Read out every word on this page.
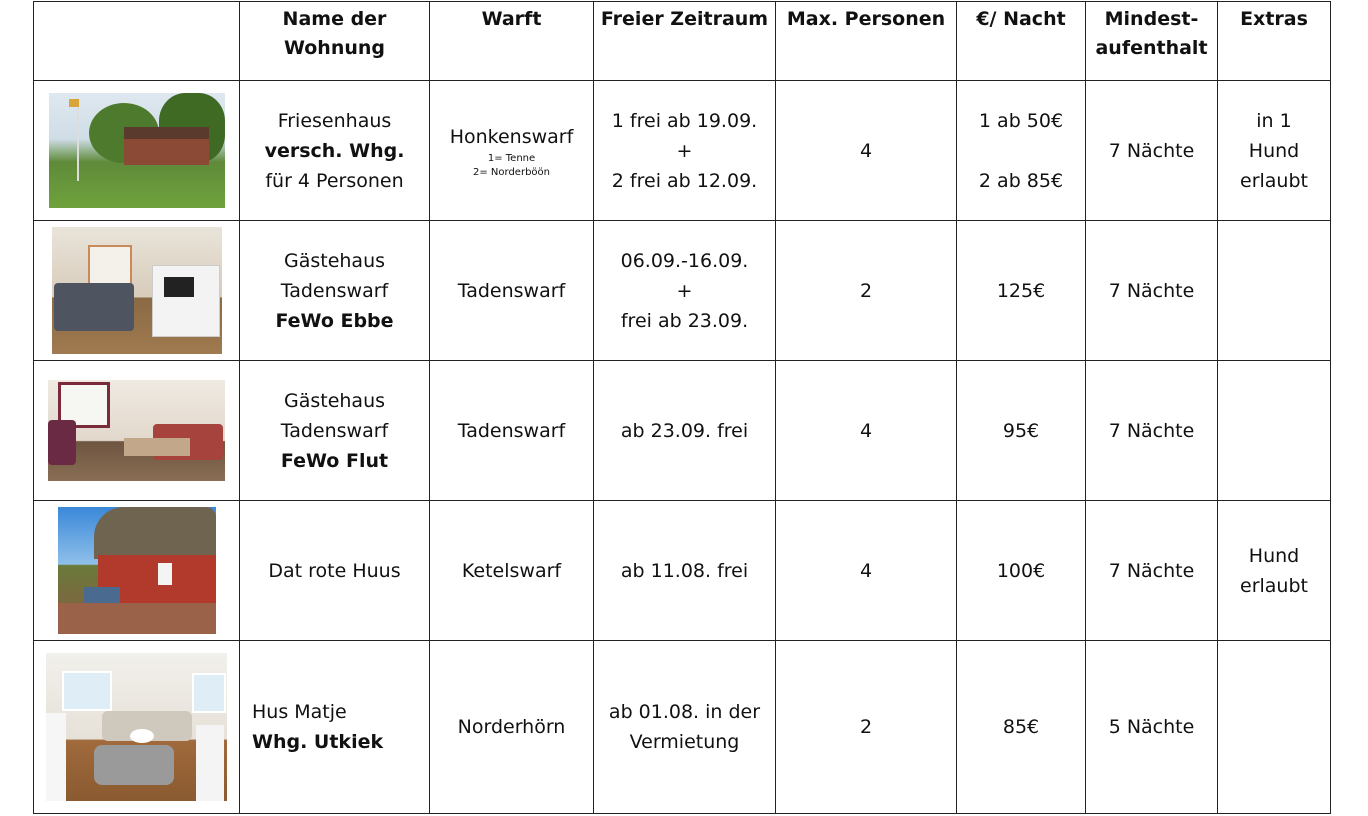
	Name der
Wohnung	Warft	Freier Zeitraum	Max. Personen	€/ Nacht	Mindest-
aufenthalt	Extras

	Friesenhaus
versch. Whg.
für 4 Personen	Honkenswarf
1= Tenne
2= Norderböön	1 frei ab 19.09.
+
2 frei ab 12.09.	4	1 ab 50€

2 ab 85€	7 Nächte	in 1
Hund
erlaubt

	Gästehaus
Tadenswarf
FeWo Ebbe	Tadenswarf	06.09.-16.09.
+
frei ab 23.09.	2	125€	7 Nächte	

	Gästehaus
Tadenswarf
FeWo Flut	Tadenswarf	ab 23.09. frei	4	95€	7 Nächte	

	Dat rote Huus	Ketelswarf	ab 11.08. frei	4	100€	7 Nächte	Hund
erlaubt

	Hus Matje
Whg. Utkiek	Norderhörn	ab 01.08. in der
Vermietung	2	85€	5 Nächte	
